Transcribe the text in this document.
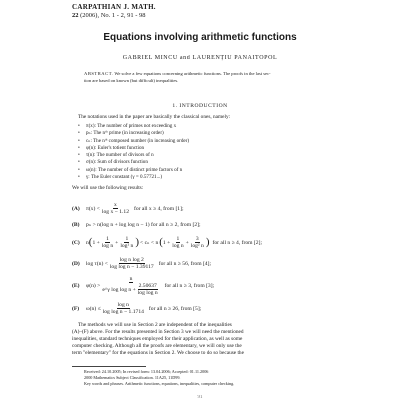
CARPATHIAN J. MATH.
22 (2006), No. 1 - 2, 91 - 98
Equations involving arithmetic functions
GABRIEL MINCU and LAURENȚIU PANAITOPOL
ABSTRACT. We solve a few equations concerning arithmetic functions. The proofs in the last sec-
tion are based on known (but difficult) inequalities.
1. INTRODUCTION
The notations used in the paper are basically the classical ones, namely:
• π(x): The number of primes not exceeding x
• pₙ: The nᵗʰ prime (in increasing order)
• cₙ: The nᵗʰ composed number (in increasing order)
• φ(n): Euler's totient function
• τ(n): The number of divisors of n
• σ(n): Sum of divisors function
• ω(n): The number of distinct prime factors of n
• γ: The Euler constant (γ = 0.57721...)
We will use the following results:
(A)	$\pi(x) < \frac{x}{\text{log x − 1.12}}$ for all x ≥ 4, from [1];
(B)	pₙ > n(log n + log log n − 1) for all n ≥ 2, from [2];
(C)	n ( $1 + \frac{1}{\text{log n}} + \frac{1}{\text{log² n}}$ ) < cₙ < n ( $1 + \frac{1}{\text{log n}} + \frac{3}{\text{log² n}}$ ) for all n ≥ 4, from [2];
(D)	$\log \tau(n) < \frac{\text{log n log 2}}{\text{log log n − 1.39117}}$ for all n ≥ 56, from [4];
(E)	φ(n) >
n
e^γ $\log \log n + \frac{2.50637}{\text{log log n}}$ for all n ≥ 3, from [3];
(F)	$\omega(n) \le \frac{\text{log n}}{\text{log log n − 1.1714}}$ for all n ≥ 26, from [5];
The methods we will use in Section 2 are independent of the inequalities
(A)–(F) above. For the results presented in Section 3 we will need the mentioned
inequalities, standard techniques employed for their application, as well as some
computer checking. Although all the proofs are elementary, we will only use the
term "elementary" for the equations in Section 2. We choose to do so because the
Received: 24.10.2005; In revised form: 13.04.2006; Accepted: 01.11.2006
2000 Mathematics Subject Classification. 11A25, 11D99.
Key words and phrases. Arithmetic functions, equations, inequalities, computer checking.
91
